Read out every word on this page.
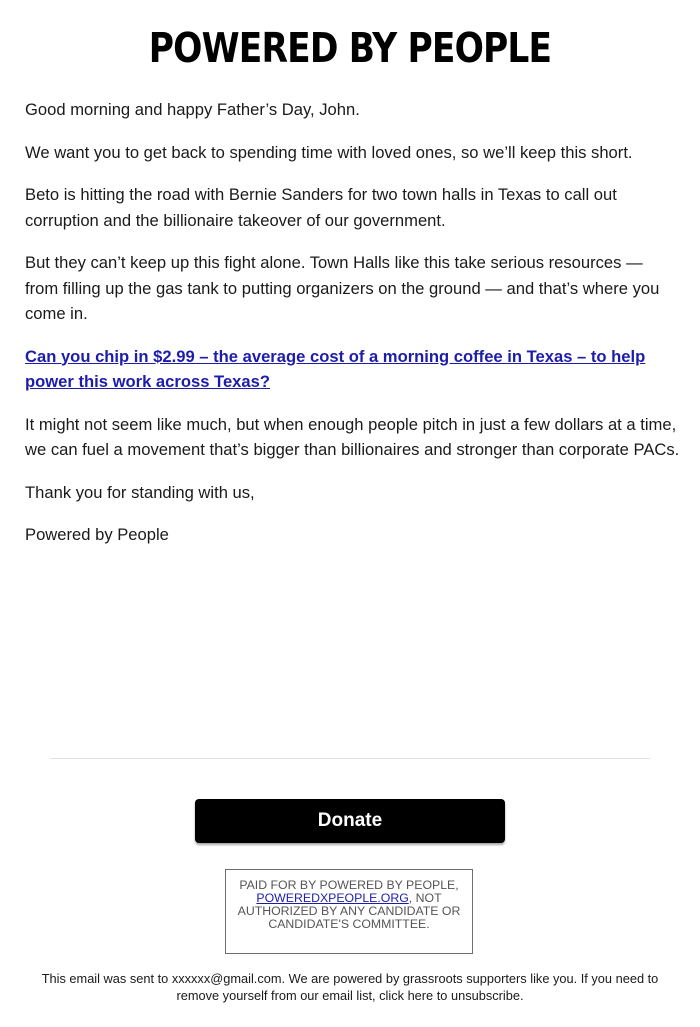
POWERED BY PEOPLE

Good morning and happy Father’s Day, John.

We want you to get back to spending time with loved ones, so we’ll keep this short.

Beto is hitting the road with Bernie Sanders for two town halls in Texas to call out corruption and the billionaire takeover of our government.

But they can’t keep up this fight alone. Town Halls like this take serious resources — from filling up the gas tank to putting organizers on the ground — and that’s where you come in.

Can you chip in $2.99 – the average cost of a morning coffee in Texas – to help power this work across Texas?

It might not seem like much, but when enough people pitch in just a few dollars at a time, we can fuel a movement that’s bigger than billionaires and stronger than corporate PACs.

Thank you for standing with us,

Powered by People

Donate
PAID FOR BY POWERED BY PEOPLE, POWEREDXPEOPLE.ORG, NOT AUTHORIZED BY ANY CANDIDATE OR CANDIDATE'S COMMITTEE.
This email was sent to xxxxxx@gmail.com. We are powered by grassroots supporters like you. If you need to remove yourself from our email list, click here to unsubscribe.
